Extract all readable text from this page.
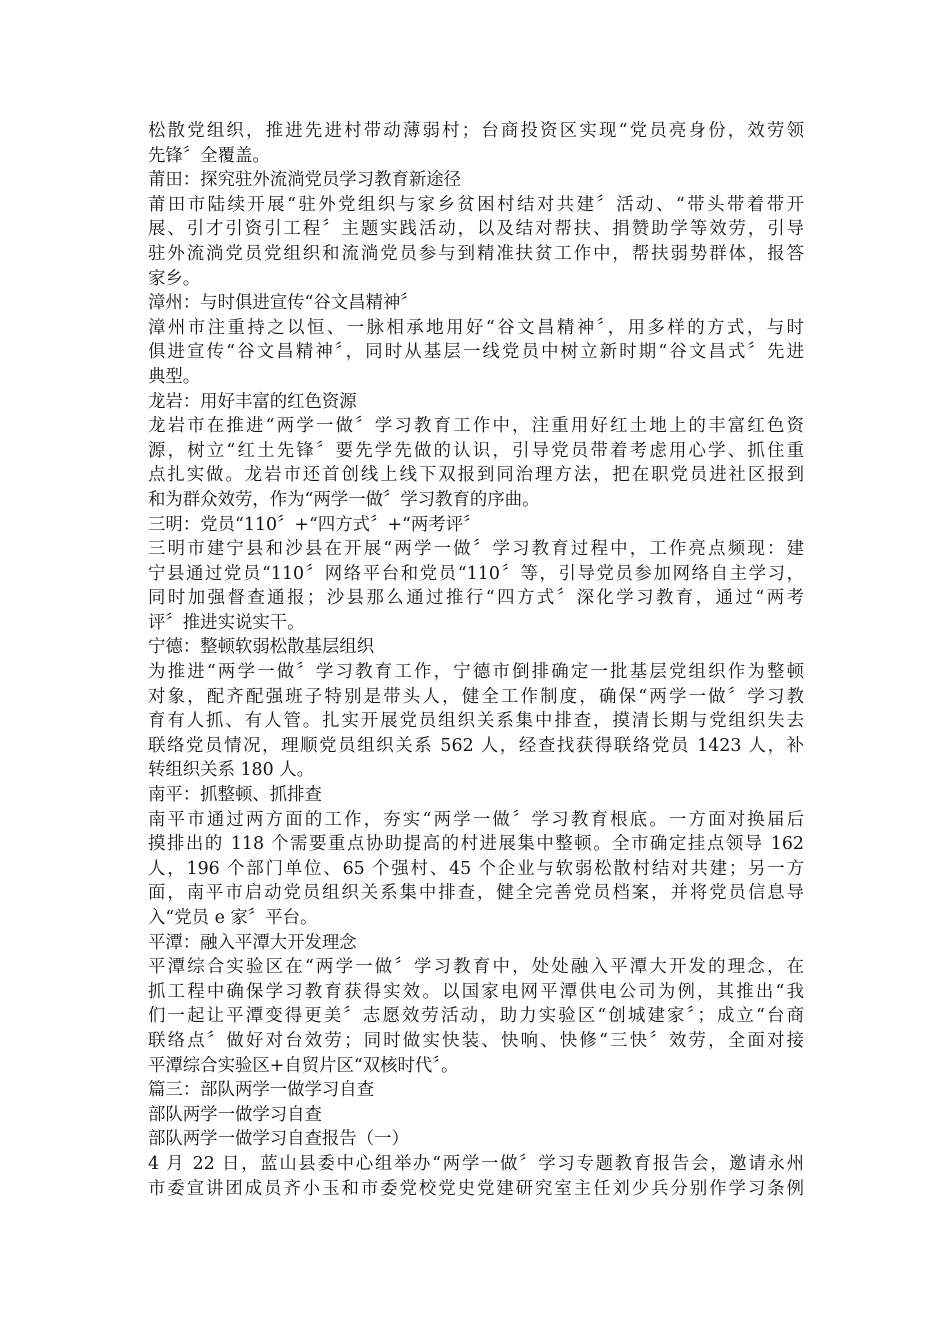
松散党组织，推进先进村带动薄弱村；台商投资区实现“党员亮身份，效劳领
先锋〞全覆盖。
莆田：探究驻外流淌党员学习教育新途径
莆田市陆续开展“驻外党组织与家乡贫困村结对共建〞活动、“带头带着带开
展、引才引资引工程〞主题实践活动，以及结对帮扶、捐赞助学等效劳，引导
驻外流淌党员党组织和流淌党员参与到精准扶贫工作中，帮扶弱势群体，报答
家乡。
漳州：与时俱进宣传“谷文昌精神〞
漳州市注重持之以恒、一脉相承地用好“谷文昌精神〞，用多样的方式，与时
俱进宣传“谷文昌精神〞，同时从基层一线党员中树立新时期“谷文昌式〞先进
典型。
龙岩：用好丰富的红色资源
龙岩市在推进“两学一做〞学习教育工作中，注重用好红土地上的丰富红色资
源，树立“红土先锋〞要先学先做的认识，引导党员带着考虑用心学、抓住重
点扎实做。龙岩市还首创线上线下双报到同治理方法，把在职党员进社区报到
和为群众效劳，作为“两学一做〞学习教育的序曲。
三明：党员“110〞+“四方式〞+“两考评〞
三明市建宁县和沙县在开展“两学一做〞学习教育过程中，工作亮点频现：建
宁县通过党员“110〞网络平台和党员“110〞等，引导党员参加网络自主学习，
同时加强督查通报；沙县那么通过推行“四方式〞深化学习教育，通过“两考
评〞推进实说实干。
宁德：整顿软弱松散基层组织
为推进“两学一做〞学习教育工作，宁德市倒排确定一批基层党组织作为整顿
对象，配齐配强班子特别是带头人，健全工作制度，确保“两学一做〞学习教
育有人抓、有人管。扎实开展党员组织关系集中排查，摸清长期与党组织失去
联络党员情况，理顺党员组织关系 562 人，经查找获得联络党员 1423 人，补
转组织关系 180 人。
南平：抓整顿、抓排查
南平市通过两方面的工作，夯实“两学一做〞学习教育根底。一方面对换届后
摸排出的 118 个需要重点协助提高的村进展集中整顿。全市确定挂点领导 162
人，196 个部门单位、65 个强村、45 个企业与软弱松散村结对共建；另一方
面，南平市启动党员组织关系集中排查，健全完善党员档案，并将党员信息导
入“党员 e 家〞平台。
平潭：融入平潭大开发理念
平潭综合实验区在“两学一做〞学习教育中，处处融入平潭大开发的理念，在
抓工程中确保学习教育获得实效。以国家电网平潭供电公司为例，其推出“我
们一起让平潭变得更美〞志愿效劳活动，助力实验区“创城建家〞；成立“台商
联络点〞做好对台效劳；同时做实快装、快响、快修“三快〞效劳，全面对接
平潭综合实验区+自贸片区“双核时代〞。
篇三：部队两学一做学习自查
部队两学一做学习自查
部队两学一做学习自查报告（一）
4 月 22 日，蓝山县委中心组举办“两学一做〞学习专题教育报告会，邀请永州
市委宣讲团成员齐小玉和市委党校党史党建研究室主任刘少兵分别作学习条例
